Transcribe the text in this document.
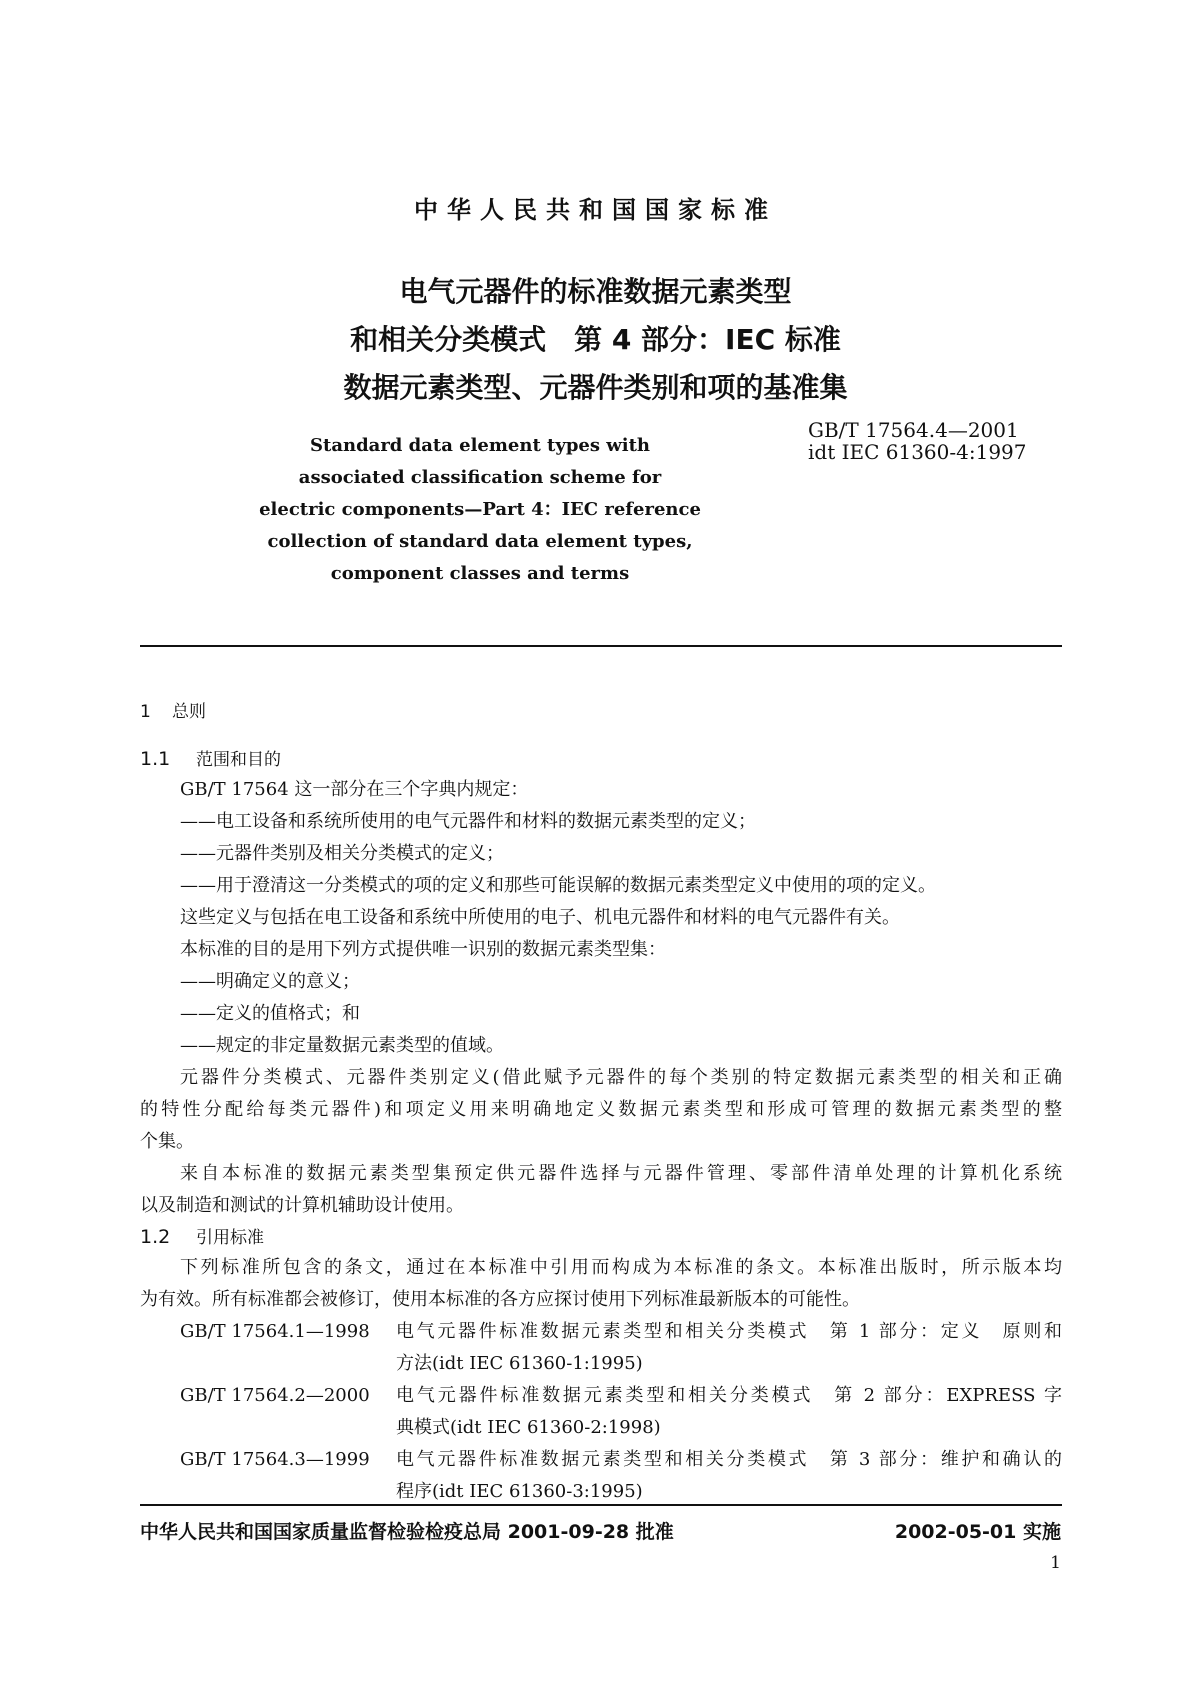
中华人民共和国国家标准
电气元器件的标准数据元素类型
和相关分类模式　第 4 部分：IEC 标准
数据元素类型、元器件类别和项的基准集
GB/T 17564.4—2001
idt IEC 61360-4:1997
Standard data element types with
associated classification scheme for
electric components—Part 4：IEC reference
collection of standard data element types,
component classes and terms
1 总则
1.1 范围和目的

GB/T 17564 这一部分在三个字典内规定：

——电工设备和系统所使用的电气元器件和材料的数据元素类型的定义；

——元器件类别及相关分类模式的定义；

——用于澄清这一分类模式的项的定义和那些可能误解的数据元素类型定义中使用的项的定义。

这些定义与包括在电工设备和系统中所使用的电子、机电元器件和材料的电气元器件有关。

本标准的目的是用下列方式提供唯一识别的数据元素类型集：

——明确定义的意义；

——定义的值格式；和

——规定的非定量数据元素类型的值域。

元器件分类模式、元器件类别定义(借此赋予元器件的每个类别的特定数据元素类型的相关和正确

的特性分配给每类元器件)和项定义用来明确地定义数据元素类型和形成可管理的数据元素类型的整

个集。

来自本标准的数据元素类型集预定供元器件选择与元器件管理、零部件清单处理的计算机化系统

以及制造和测试的计算机辅助设计使用。

1.2 引用标准

下列标准所包含的条文，通过在本标准中引用而构成为本标准的条文。本标准出版时，所示版本均

为有效。所有标准都会被修订，使用本标准的各方应探讨使用下列标准最新版本的可能性。

GB/T 17564.1—1998	电气元器件标准数据元素类型和相关分类模式　第 1 部分：定义　原则和
方法(idt IEC 61360-1:1995)
GB/T 17564.2—2000	电气元器件标准数据元素类型和相关分类模式　第 2 部分：EXPRESS 字
典模式(idt IEC 61360-2:1998)
GB/T 17564.3—1999	电气元器件标准数据元素类型和相关分类模式　第 3 部分：维护和确认的
程序(idt IEC 61360-3:1995)
中华人民共和国国家质量监督检验检疫总局 2001-09-28 批准	2002-05-01 实施
1
